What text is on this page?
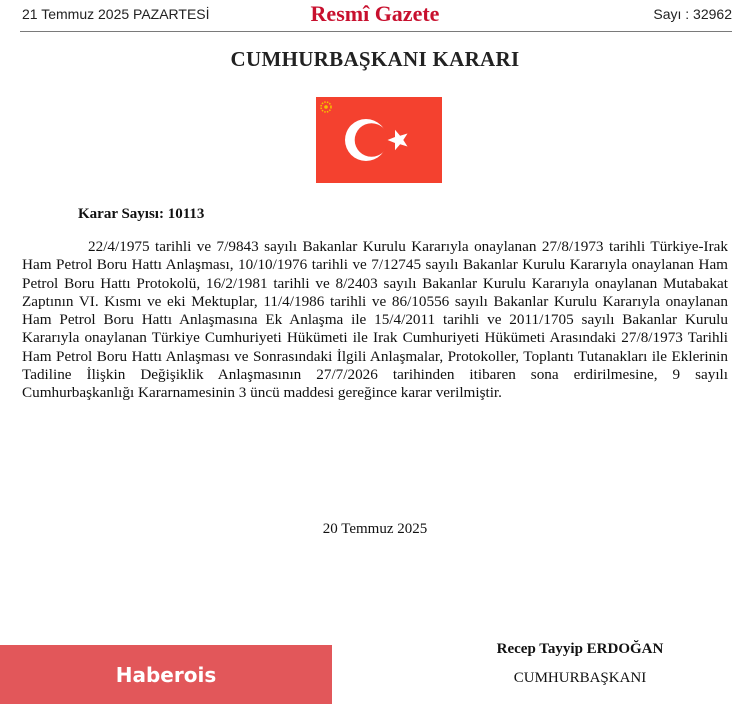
21 Temmuz 2025 PAZARTESİ	Resmî Gazete	Sayı : 32962
CUMHURBAŞKANI KARARI
Karar Sayısı: 10113

22/4/1975 tarihli ve 7/9843 sayılı Bakanlar Kurulu Kararıyla onaylanan 27/8/1973 tarihli Türkiye-Irak Ham Petrol Boru Hattı Anlaşması, 10/10/1976 tarihli ve 7/12745 sayılı Bakanlar Kurulu Kararıyla onaylanan Ham Petrol Boru Hattı Protokolü, 16/2/1981 tarihli ve 8/2403 sayılı Bakanlar Kurulu Kararıyla onaylanan Mutabakat Zaptının VI. Kısmı ve eki Mektuplar, 11/4/1986 tarihli ve 86/10556 sayılı Bakanlar Kurulu Kararıyla onaylanan Ham Petrol Boru Hattı Anlaşmasına Ek Anlaşma ile 15/4/2011 tarihli ve 2011/1705 sayılı Bakanlar Kurulu Kararıyla onaylanan Türkiye Cumhuriyeti Hükümeti ile Irak Cumhuriyeti Hükümeti Arasındaki 27/8/1973 Tarihli Ham Petrol Boru Hattı Anlaşması ve Sonrasındaki İlgili Anlaşmalar, Protokoller, Toplantı Tutanakları ile Eklerinin Tadiline İlişkin Değişiklik Anlaşmasının 27/7/2026 tarihinden itibaren sona erdirilmesine, 9 sayılı Cumhurbaşkanlığı Kararnamesinin 3 üncü maddesi gereğince karar verilmiştir.

20 Temmuz 2025
Recep Tayyip ERDOĞAN
CUMHURBAŞKANI
Haberois
